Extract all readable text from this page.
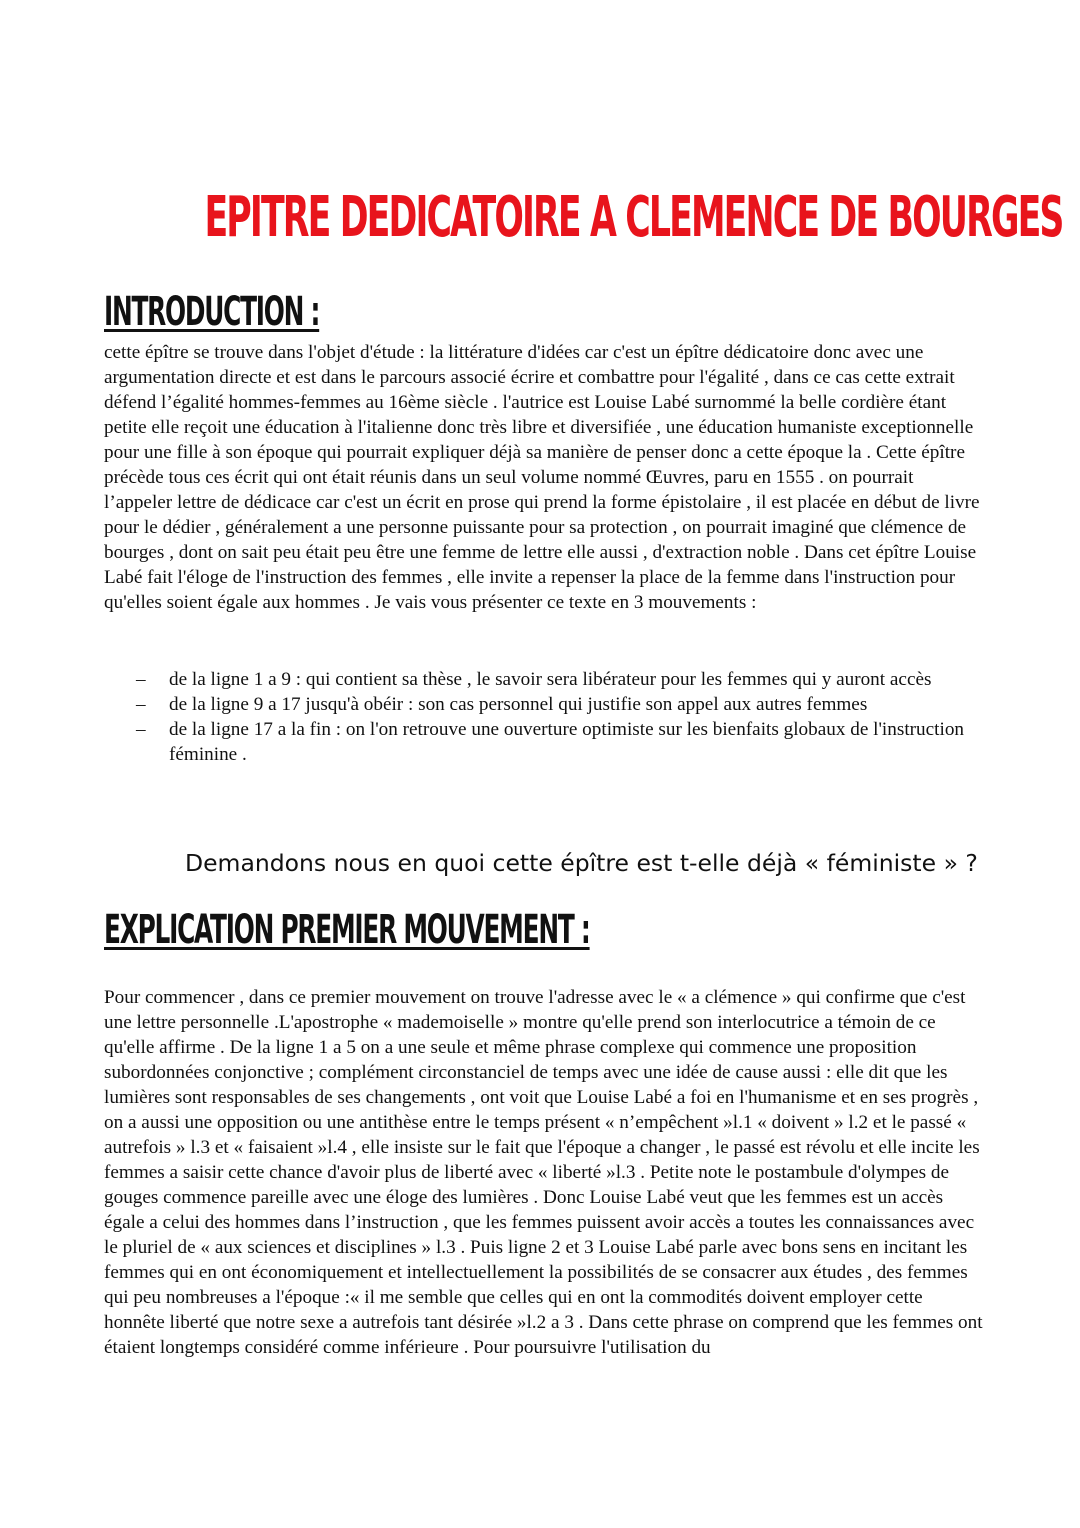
EPITRE DEDICATOIRE A CLEMENCE DE BOURGES
INTRODUCTION :

cette épître se trouve dans l'objet d'étude : la littérature d'idées car c'est un épître dédicatoire donc avec une argumentation directe et est dans le parcours associé écrire et combattre pour l'égalité , dans ce cas cette extrait défend l’égalité hommes-femmes au 16ème siècle . l'autrice est Louise Labé surnommé la belle cordière étant petite elle reçoit une éducation à l'italienne donc très libre et diversifiée , une éducation humaniste exceptionnelle pour une fille à son époque qui pourrait expliquer déjà sa manière de penser donc a cette époque la . Cette épître précède tous ces écrit qui ont était réunis dans un seul volume nommé Œuvres, paru en 1555 . on pourrait l’appeler lettre de dédicace car c'est un écrit en prose qui prend la forme épistolaire , il est placée en début de livre pour le dédier , généralement a une personne puissante pour sa protection , on pourrait imaginé que clémence de bourges , dont on sait peu était peu être une femme de lettre elle aussi , d'extraction noble . Dans cet épître Louise Labé fait l'éloge de l'instruction des femmes , elle invite a repenser la place de la femme dans l'instruction pour qu'elles soient égale aux hommes . Je vais vous présenter ce texte en 3 mouvements :

– de la ligne 1 a 9 : qui contient sa thèse , le savoir sera libérateur pour les femmes qui y auront accès
– de la ligne 9 a 17 jusqu'à obéir : son cas personnel qui justifie son appel aux autres femmes
– de la ligne 17 a la fin : on l'on retrouve une ouverture optimiste sur les bienfaits globaux de l'instruction féminine .

Demandons nous en quoi cette épître est t-elle déjà « féministe » ?

EXPLICATION PREMIER MOUVEMENT :

Pour commencer , dans ce premier mouvement on trouve l'adresse avec le « a clémence » qui confirme que c'est une lettre personnelle .L'apostrophe « mademoiselle » montre qu'elle prend son interlocutrice a témoin de ce qu'elle affirme . De la ligne 1 a 5 on a une seule et même phrase complexe qui commence une proposition subordonnées conjonctive ; complément circonstanciel de temps avec une idée de cause aussi : elle dit que les lumières sont responsables de ses changements , ont voit que Louise Labé a foi en l'humanisme et en ses progrès , on a aussi une opposition ou une antithèse entre le temps présent « n’empêchent »l.1 « doivent » l.2 et le passé « autrefois » l.3 et « faisaient »l.4 , elle insiste sur le fait que l'époque a changer , le passé est révolu et elle incite les femmes a saisir cette chance d'avoir plus de liberté avec « liberté »l.3 . Petite note le postambule d'olympes de gouges commence pareille avec une éloge des lumières . Donc Louise Labé veut que les femmes est un accès égale a celui des hommes dans l’instruction , que les femmes puissent avoir accès a toutes les connaissances avec le pluriel de « aux sciences et disciplines » l.3 . Puis ligne 2 et 3 Louise Labé parle avec bons sens en incitant les femmes qui en ont économiquement et intellectuellement la possibilités de se consacrer aux études , des femmes qui peu nombreuses a l'époque :« il me semble que celles qui en ont la commodités doivent employer cette honnête liberté que notre sexe a autrefois tant désirée »l.2 a 3 . Dans cette phrase on comprend que les femmes ont étaient longtemps considéré comme inférieure . Pour poursuivre l'utilisation du
